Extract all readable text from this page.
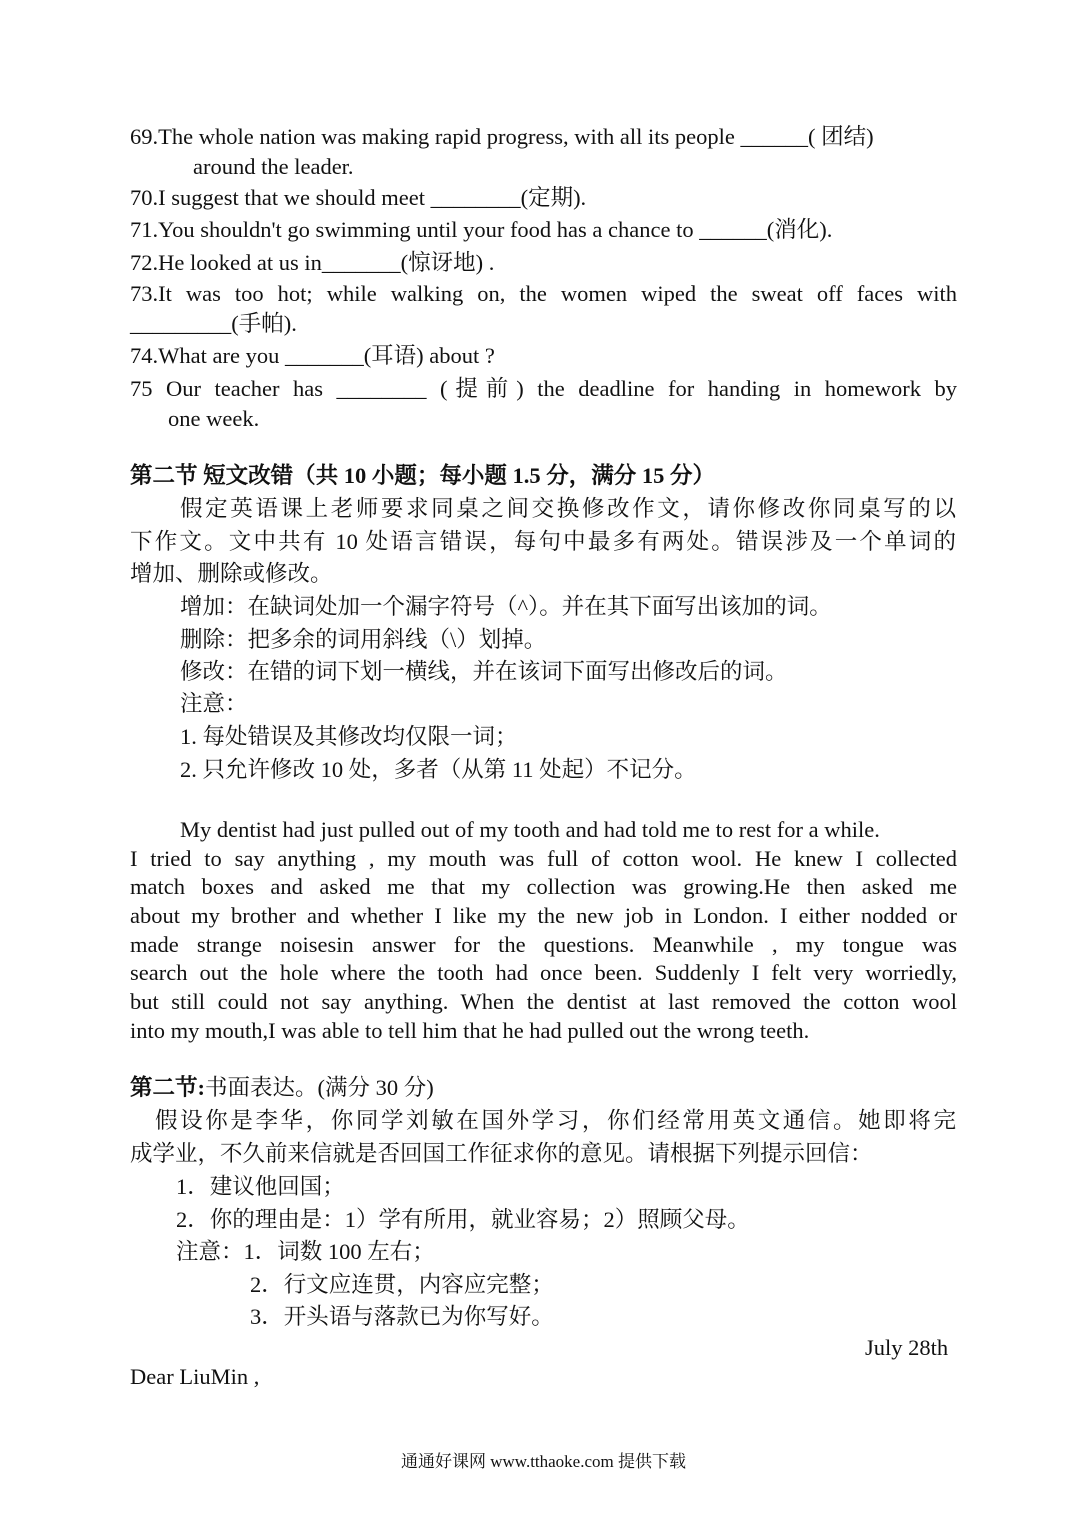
69.The whole nation was making rapid progress, with all its people ______( 团结)

around the leader.

70.I suggest that we should meet ________(定期).

71.You shouldn't go swimming until your food has a chance to ______(消化).

72.He looked at us in_______(惊讶地) .

73.It was too hot; while walking on, the women wiped the sweat off faces with

_________(手帕).

74.What are you _______(耳语) about ?

75 Our teacher has ________ (提前) the deadline for handing in homework by

one week.

第二节 短文改错（共 10 小题；每小题 1.5 分，满分 15 分）

假定英语课上老师要求同桌之间交换修改作文，请你修改你同桌写的以

下作文。文中共有 10 处语言错误，每句中最多有两处。错误涉及一个单词的

增加、删除或修改。

增加：在缺词处加一个漏字符号（^）。并在其下面写出该加的词。

删除：把多余的词用斜线（\）划掉。

修改：在错的词下划一横线，并在该词下面写出修改后的词。

注意：

1. 每处错误及其修改均仅限一词；

2. 只允许修改 10 处，多者（从第 11 处起）不记分。

My dentist had just pulled out of my tooth and had told me to rest for a while.

I tried to say anything , my mouth was full of cotton wool. He knew I collected

match boxes and asked me that my collection was growing.He then asked me

about my brother and whether I like my the new job in London. I either nodded or

made strange noisesin answer for the questions. Meanwhile , my tongue was

search out the hole where the tooth had once been. Suddenly I felt very worriedly,

but still could not say anything. When the dentist at last removed the cotton wool

into my mouth,I was able to tell him that he had pulled out the wrong teeth.

第二节:书面表达。(满分 30 分)

假设你是李华，你同学刘敏在国外学习，你们经常用英文通信。她即将完

成学业，不久前来信就是否回国工作征求你的意见。请根据下列提示回信：

1．建议他回国；

2．你的理由是：1）学有所用，就业容易；2）照顾父母。

注意：1．词数 100 左右；

2．行文应连贯，内容应完整；

3．开头语与落款已为你写好。

July 28th

Dear LiuMin ,

通通好课网 www.tthaoke.com 提供下载
